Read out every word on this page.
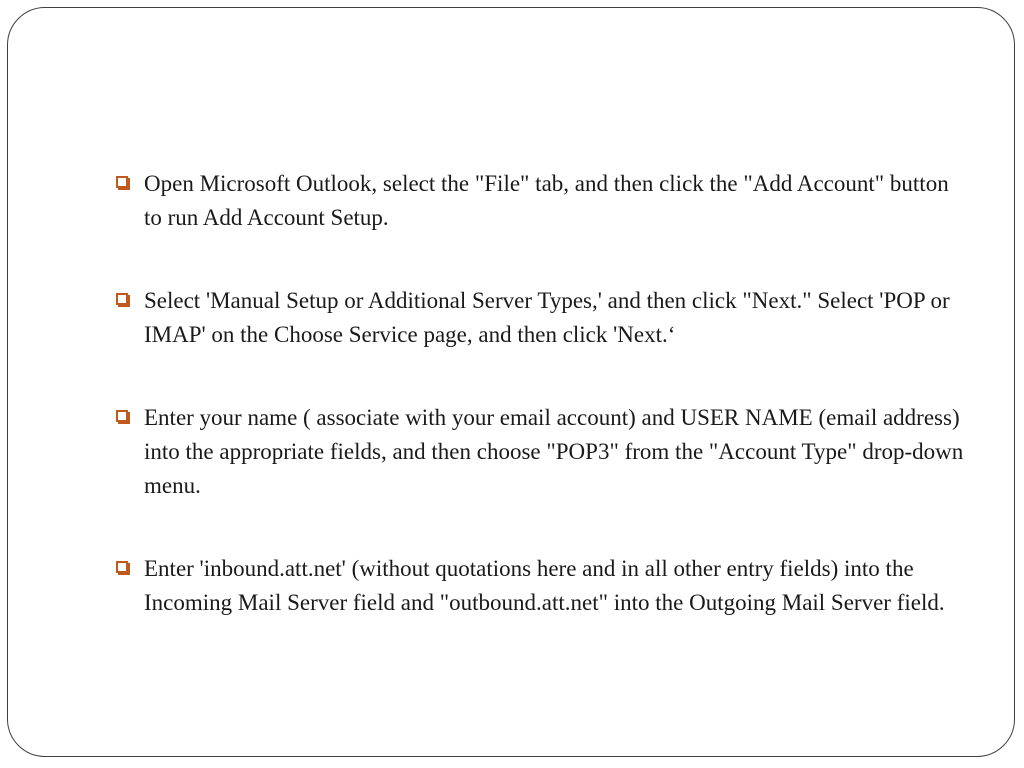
Open Microsoft Outlook, select the "File" tab, and then click the "Add Account" button to run Add Account Setup.
Select 'Manual Setup or Additional Server Types,' and then click "Next." Select 'POP or IMAP' on the Choose Service page, and then click 'Next.‘
Enter your name ( associate with your email account) and USER NAME (email address) into the appropriate fields, and then choose "POP3" from the "Account Type" drop-down menu.
Enter 'inbound.att.net' (without quotations here and in all other entry fields) into the Incoming Mail Server field and "outbound.att.net" into the Outgoing Mail Server field.
